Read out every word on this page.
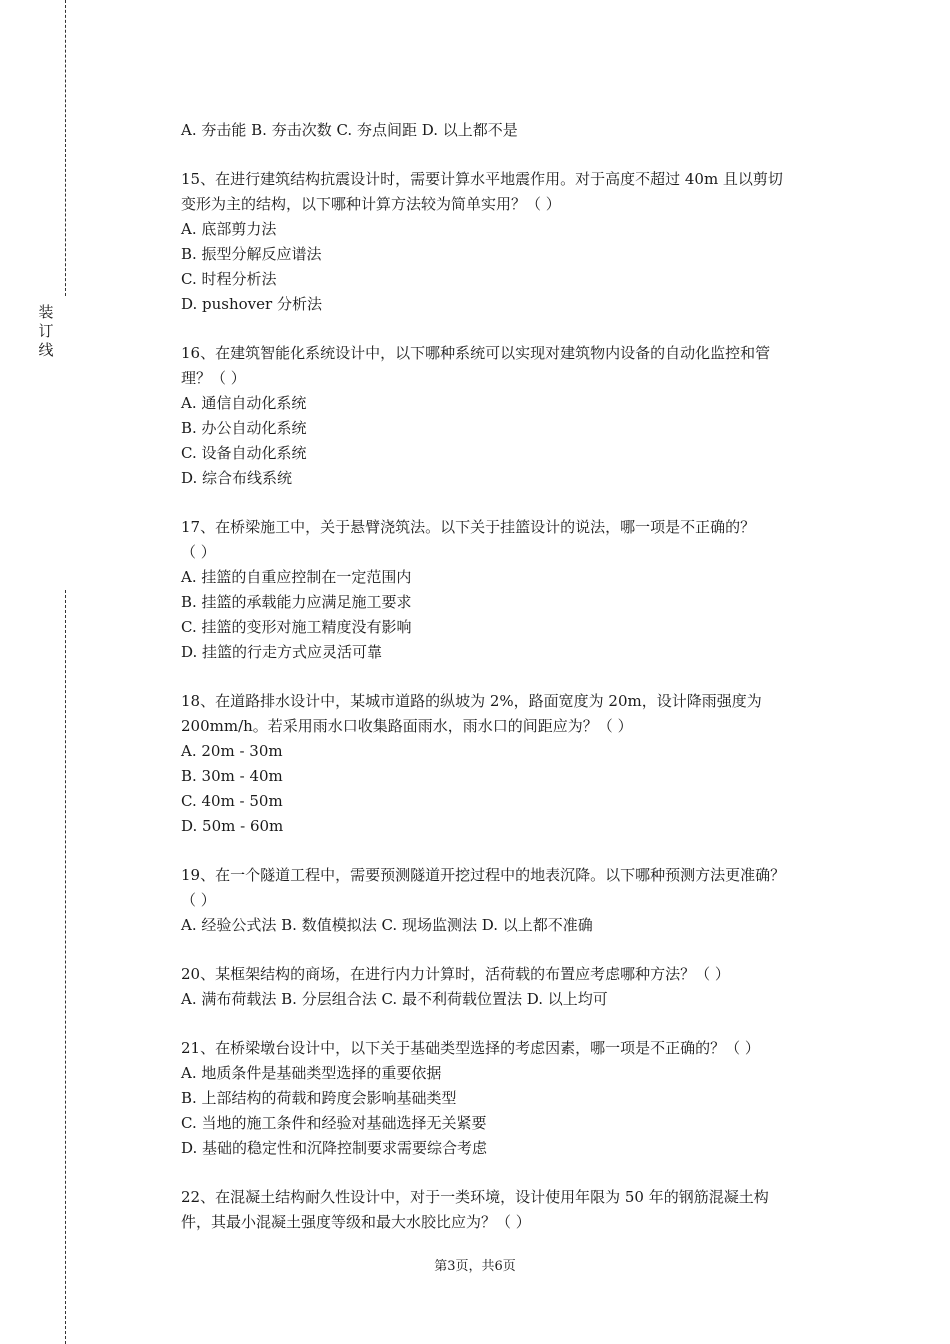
装
订
线
A. 夯击能 B. 夯击次数 C. 夯点间距 D. 以上都不是
15、在进行建筑结构抗震设计时，需要计算水平地震作用。对于高度不超过 40m 且以剪切
变形为主的结构，以下哪种计算方法较为简单实用？（ ）
A. 底部剪力法
B. 振型分解反应谱法
C. 时程分析法
D. pushover 分析法
16、在建筑智能化系统设计中，以下哪种系统可以实现对建筑物内设备的自动化监控和管
理？（ ）
A. 通信自动化系统
B. 办公自动化系统
C. 设备自动化系统
D. 综合布线系统
17、在桥梁施工中，关于悬臂浇筑法。以下关于挂篮设计的说法，哪一项是不正确的？
（ ）
A. 挂篮的自重应控制在一定范围内
B. 挂篮的承载能力应满足施工要求
C. 挂篮的变形对施工精度没有影响
D. 挂篮的行走方式应灵活可靠
18、在道路排水设计中，某城市道路的纵坡为 2%，路面宽度为 20m，设计降雨强度为
200mm/h。若采用雨水口收集路面雨水，雨水口的间距应为？（ ）
A. 20m - 30m
B. 30m - 40m
C. 40m - 50m
D. 50m - 60m
19、在一个隧道工程中，需要预测隧道开挖过程中的地表沉降。以下哪种预测方法更准确？
（ ）
A. 经验公式法 B. 数值模拟法 C. 现场监测法 D. 以上都不准确
20、某框架结构的商场，在进行内力计算时，活荷载的布置应考虑哪种方法？（ ）
A. 满布荷载法 B. 分层组合法 C. 最不利荷载位置法 D. 以上均可
21、在桥梁墩台设计中，以下关于基础类型选择的考虑因素，哪一项是不正确的？（ ）
A. 地质条件是基础类型选择的重要依据
B. 上部结构的荷载和跨度会影响基础类型
C. 当地的施工条件和经验对基础选择无关紧要
D. 基础的稳定性和沉降控制要求需要综合考虑
22、在混凝土结构耐久性设计中，对于一类环境，设计使用年限为 50 年的钢筋混凝土构
件，其最小混凝土强度等级和最大水胶比应为？（ ）
第3页，共6页
